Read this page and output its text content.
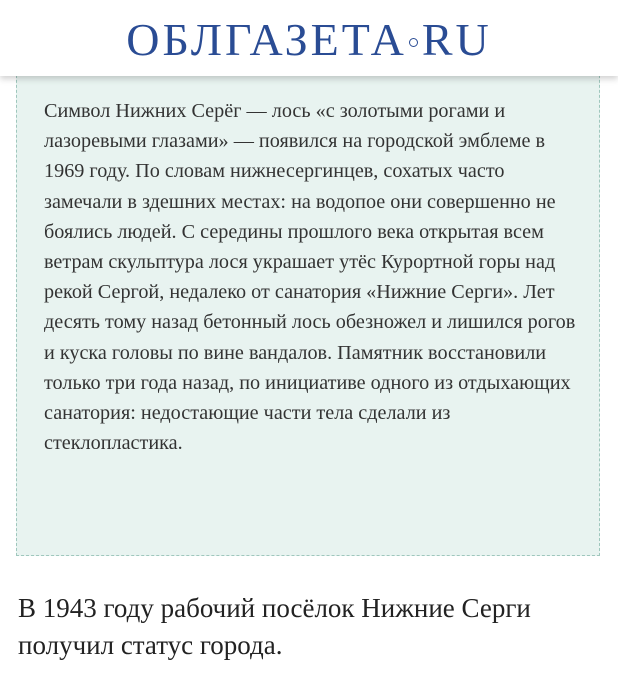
ОБЛГАЗЕТА RU

Символ Нижних Серёг — лось «с золотыми рогами и лазоревыми глазами» — появился на городской эмблеме в 1969 году. По словам нижнесергинцев, сохатых часто замечали в здешних местах: на водопое они совершенно не боялись людей. С середины прошлого века открытая всем ветрам скульптура лося украшает утёс Курортной горы над рекой Сергой, недалеко от санатория «Нижние Серги». Лет десять тому назад бетонный лось обезножел и лишился рогов и куска головы по вине вандалов. Памятник восстановили только три года назад, по инициативе одного из отдыхающих санатория: недостающие части тела сделали из стеклопластика.

В 1943 году рабочий посёлок Нижние Серги получил статус города.
